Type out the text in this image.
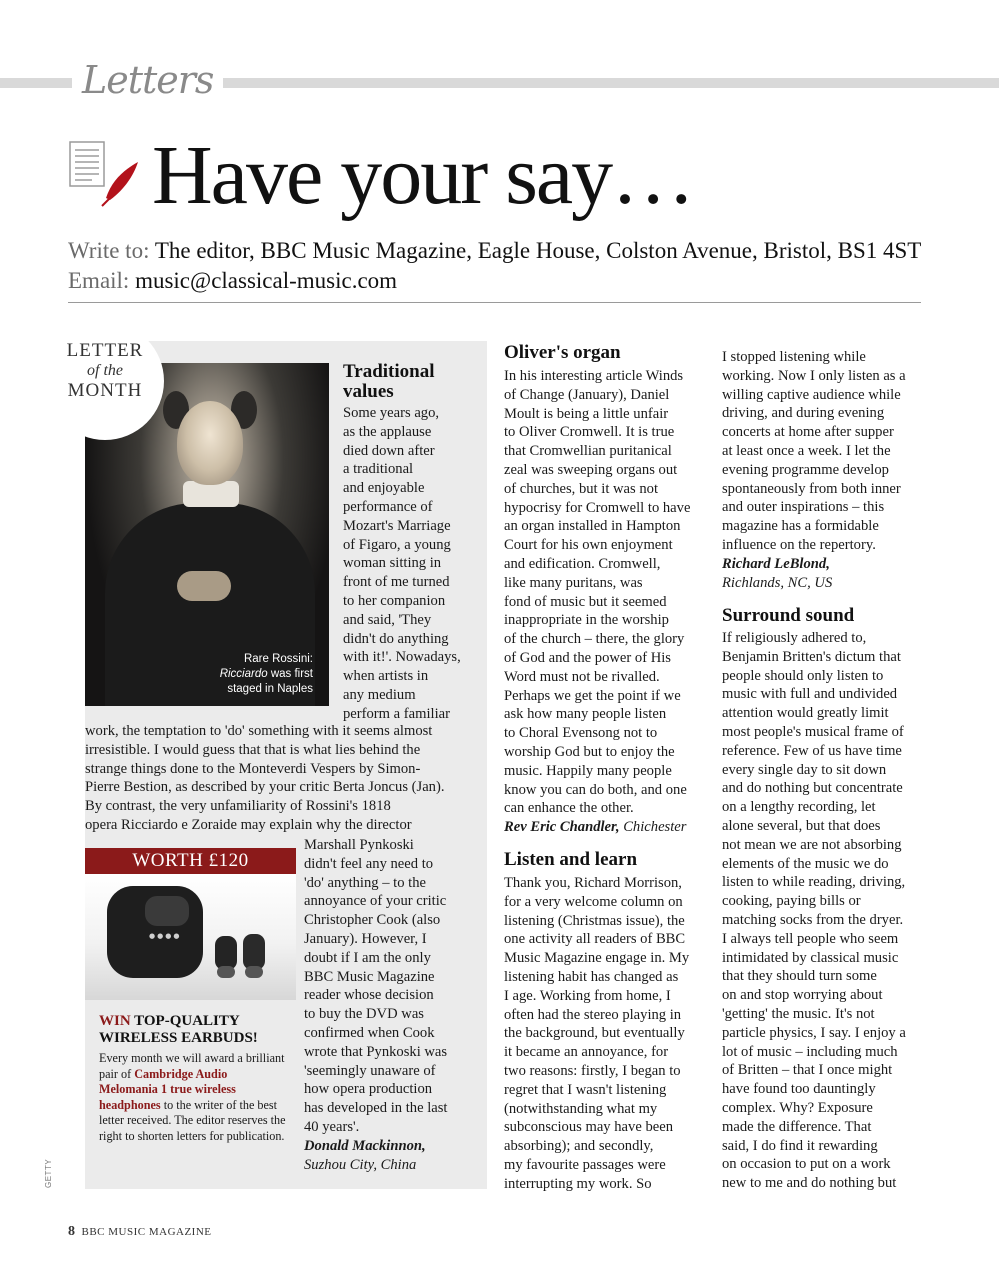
Letters
Have your say…
Write to: The editor, BBC Music Magazine, Eagle House, Colston Avenue, Bristol, BS1 4ST
Email: music@classical-music.com
Rare Rossini:
Ricciardo was first
staged in Naples
LETTER
of the
MONTH
Traditional values
Some years ago,
as the applause
died down after
a traditional
and enjoyable
performance of
Mozart's Marriage
of Figaro, a young
woman sitting in
front of me turned
to her companion
and said, 'They
didn't do anything
with it!'. Nowadays,
when artists in
any medium
perform a familiar
work, the temptation to 'do' something with it seems almost
irresistible. I would guess that that is what lies behind the
strange things done to the Monteverdi Vespers by Simon-
Pierre Bestion, as described by your critic Berta Joncus (Jan).
By contrast, the very unfamiliarity of Rossini's 1818
opera Ricciardo e Zoraide may explain why the director
Marshall Pynkoski
didn't feel any need to
'do' anything – to the
annoyance of your critic
Christopher Cook (also
January). However, I
doubt if I am the only
BBC Music Magazine
reader whose decision
to buy the DVD was
confirmed when Cook
wrote that Pynkoski was
'seemingly unaware of
how opera production
has developed in the last
40 years'.
Donald Mackinnon,
Suzhou City, China
WORTH £120
●●●●
WIN TOP-QUALITY WIRELESS EARBUDS!
Every month we will award a brilliant pair of Cambridge Audio Melomania 1 true wireless headphones to the writer of the best letter received. The editor reserves the right to shorten letters for publication.
GETTY
Oliver's organ
In his interesting article Winds
of Change (January), Daniel
Moult is being a little unfair
to Oliver Cromwell. It is true
that Cromwellian puritanical
zeal was sweeping organs out
of churches, but it was not
hypocrisy for Cromwell to have
an organ installed in Hampton
Court for his own enjoyment
and edification. Cromwell,
like many puritans, was
fond of music but it seemed
inappropriate in the worship
of the church – there, the glory
of God and the power of His
Word must not be rivalled.
Perhaps we get the point if we
ask how many people listen
to Choral Evensong not to
worship God but to enjoy the
music. Happily many people
know you can do both, and one
can enhance the other.
Rev Eric Chandler, Chichester
Listen and learn
Thank you, Richard Morrison,
for a very welcome column on
listening (Christmas issue), the
one activity all readers of BBC
Music Magazine engage in. My
listening habit has changed as
I age. Working from home, I
often had the stereo playing in
the background, but eventually
it became an annoyance, for
two reasons: firstly, I began to
regret that I wasn't listening
(notwithstanding what my
subconscious may have been
absorbing); and secondly,
my favourite passages were
interrupting my work. So
I stopped listening while
working. Now I only listen as a
willing captive audience while
driving, and during evening
concerts at home after supper
at least once a week. I let the
evening programme develop
spontaneously from both inner
and outer inspirations – this
magazine has a formidable
influence on the repertory.
Richard LeBlond,
Richlands, NC, US
Surround sound
If religiously adhered to,
Benjamin Britten's dictum that
people should only listen to
music with full and undivided
attention would greatly limit
most people's musical frame of
reference. Few of us have time
every single day to sit down
and do nothing but concentrate
on a lengthy recording, let
alone several, but that does
not mean we are not absorbing
elements of the music we do
listen to while reading, driving,
cooking, paying bills or
matching socks from the dryer.
I always tell people who seem
intimidated by classical music
that they should turn some
on and stop worrying about
'getting' the music. It's not
particle physics, I say. I enjoy a
lot of music – including much
of Britten – that I once might
have found too dauntingly
complex. Why? Exposure
made the difference. That
said, I do find it rewarding
on occasion to put on a work
new to me and do nothing but
8 BBC MUSIC MAGAZINE
